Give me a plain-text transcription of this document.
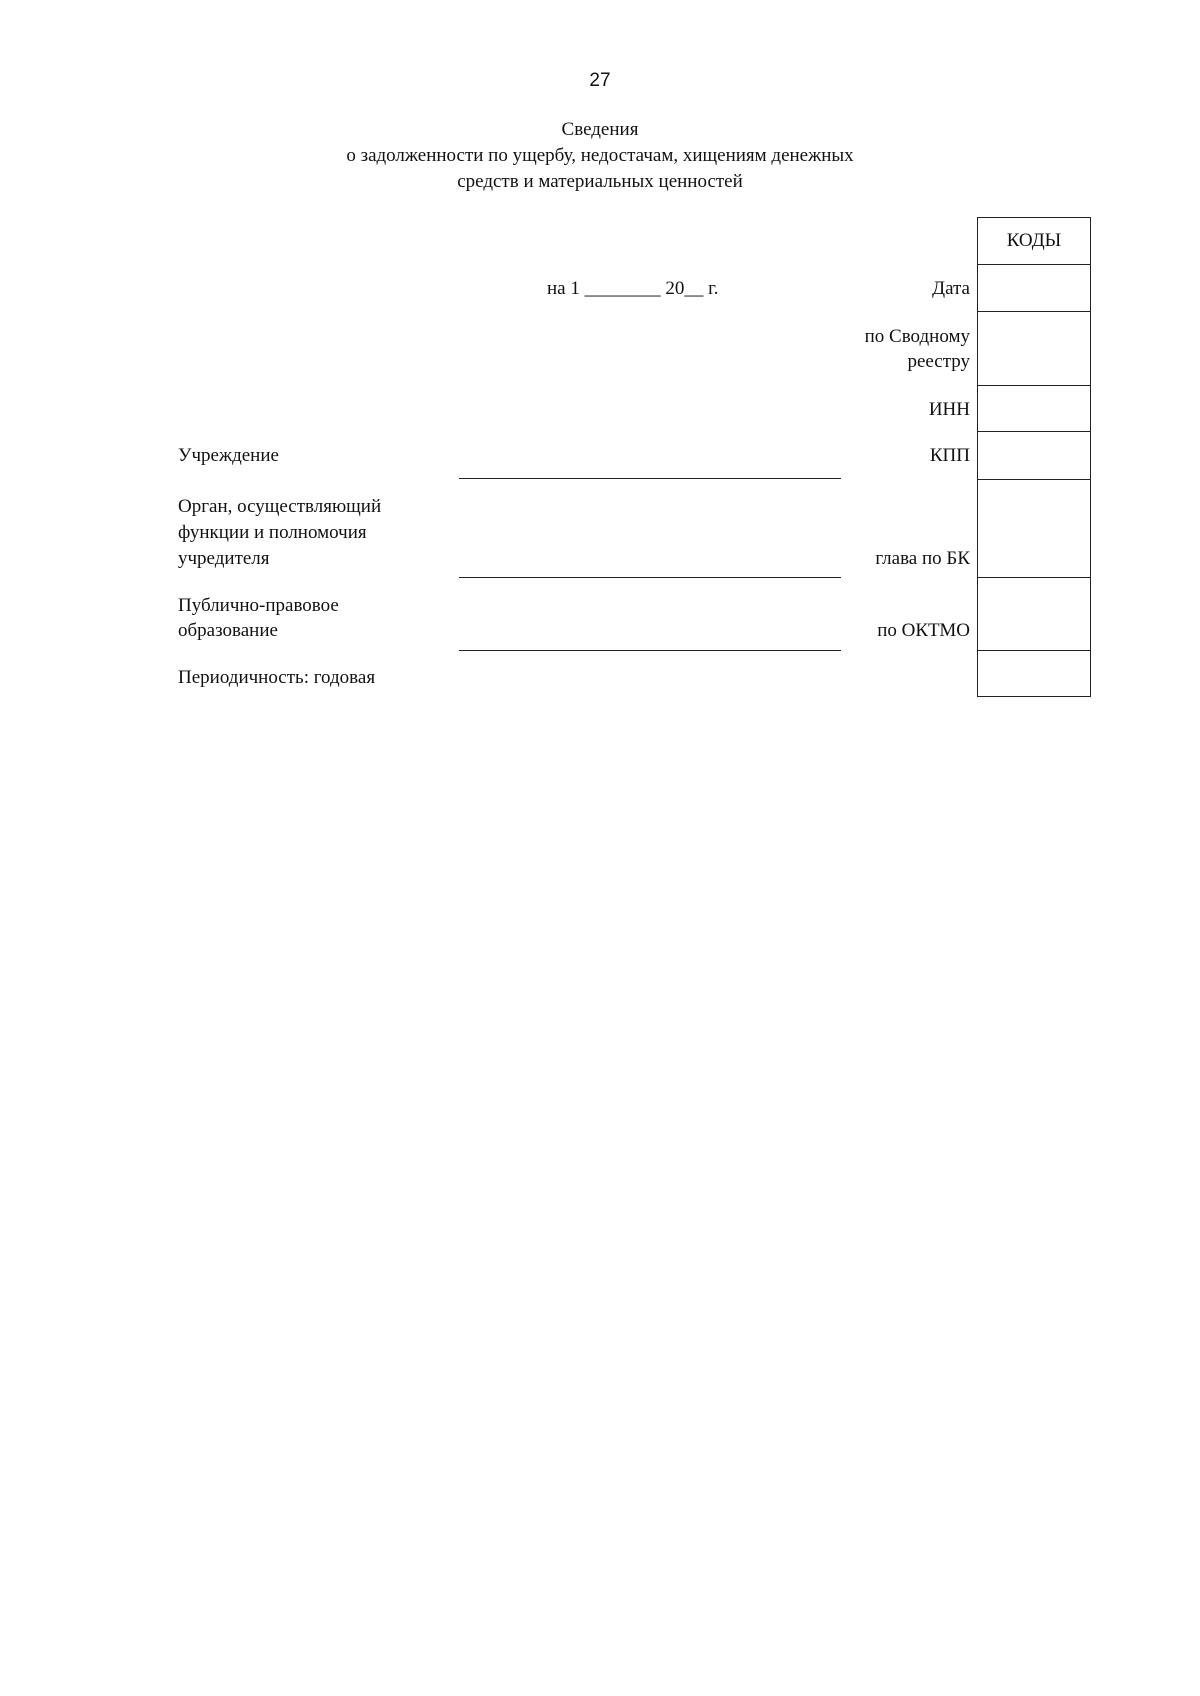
27
Сведения
о задолженности по ущербу, недостачам, хищениям денежных
средств и материальных ценностей
на 1 ________ 20__ г.
КОДЫ
Дата
по Сводному
реестру
ИНН
КПП
глава по БК
по ОКТМО
Учреждение
Орган, осуществляющий
функции и полномочия
учредителя
Публично-правовое
образование
Периодичность: годовая
